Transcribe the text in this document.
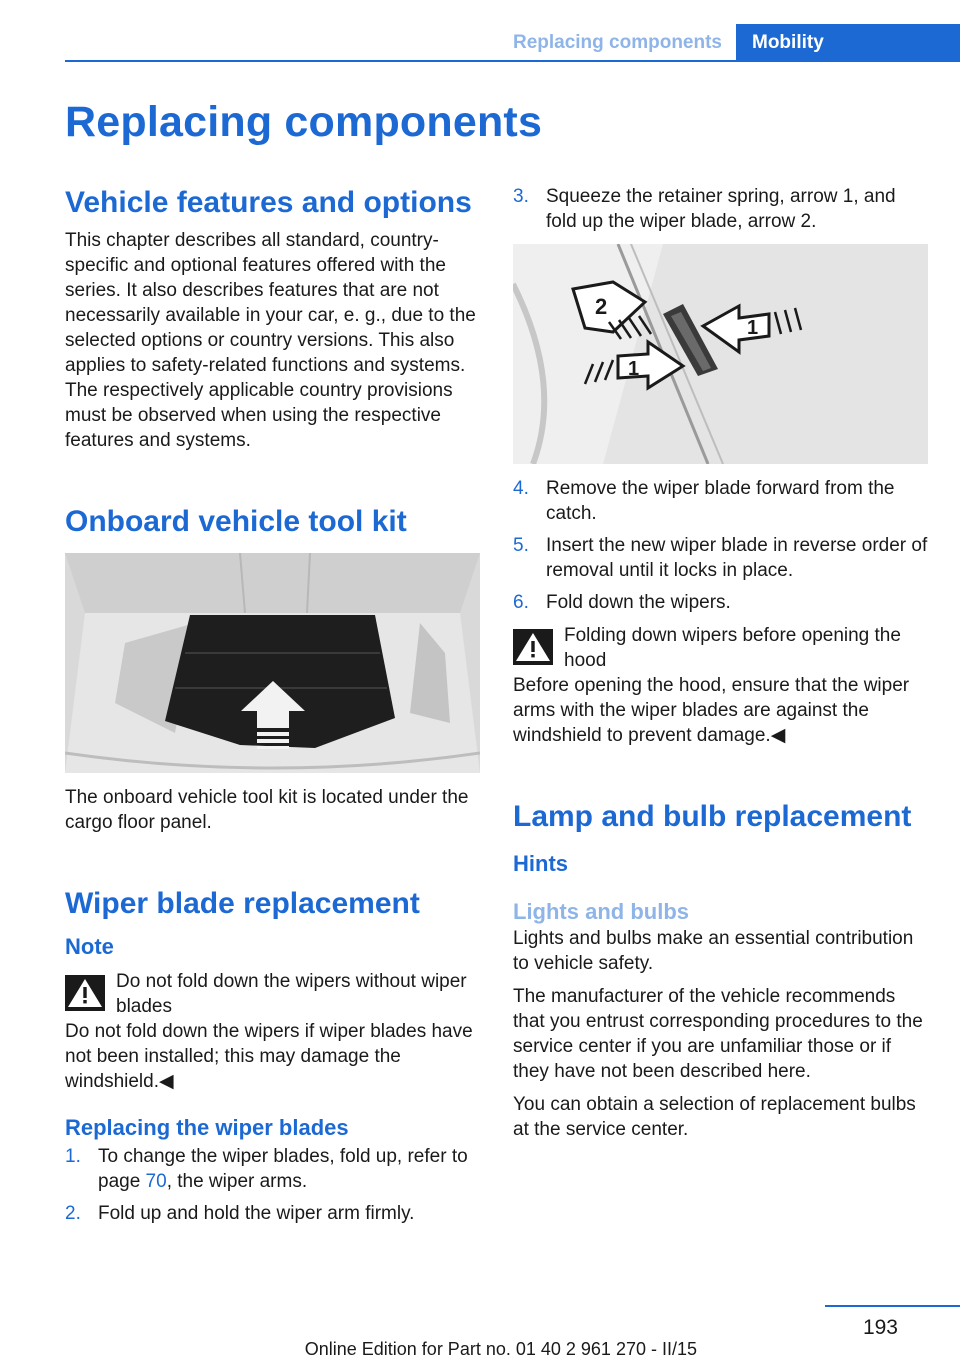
Replacing components	Mobility
Replacing components
Vehicle features and options

This chapter describes all standard, country-specific and optional features offered with the series. It also describes features that are not necessarily available in your car, e. g., due to the selected options or country versions. This also applies to safety-related functions and systems. The respectively applicable country provisions must be observed when using the respective features and systems.

Onboard vehicle tool kit

The onboard vehicle tool kit is located under the cargo floor panel.

Wiper blade replacement
Note

Do not fold down the wipers without wiper blades

Do not fold down the wipers if wiper blades have not been installed; this may damage the windshield.◀

Replacing the wiper blades
1. To change the wiper blades, fold up, refer to page 70, the wiper arms.
2. Fold up and hold the wiper arm firmly.
3. Squeeze the retainer spring, arrow 1, and fold up the wiper blade, arrow 2.
2
1
1
4. Remove the wiper blade forward from the catch.
5. Insert the new wiper blade in reverse order of removal until it locks in place.
6. Fold down the wipers.

Folding down wipers before opening the hood

Before opening the hood, ensure that the wiper arms with the wiper blades are against the windshield to prevent damage.◀

Lamp and bulb replacement
Hints
Lights and bulbs

Lights and bulbs make an essential contribution to vehicle safety.

The manufacturer of the vehicle recommends that you entrust corresponding procedures to the service center if you are unfamiliar those or if they have not been described here.

You can obtain a selection of replacement bulbs at the service center.

193
Online Edition for Part no. 01 40 2 961 270 - II/15
